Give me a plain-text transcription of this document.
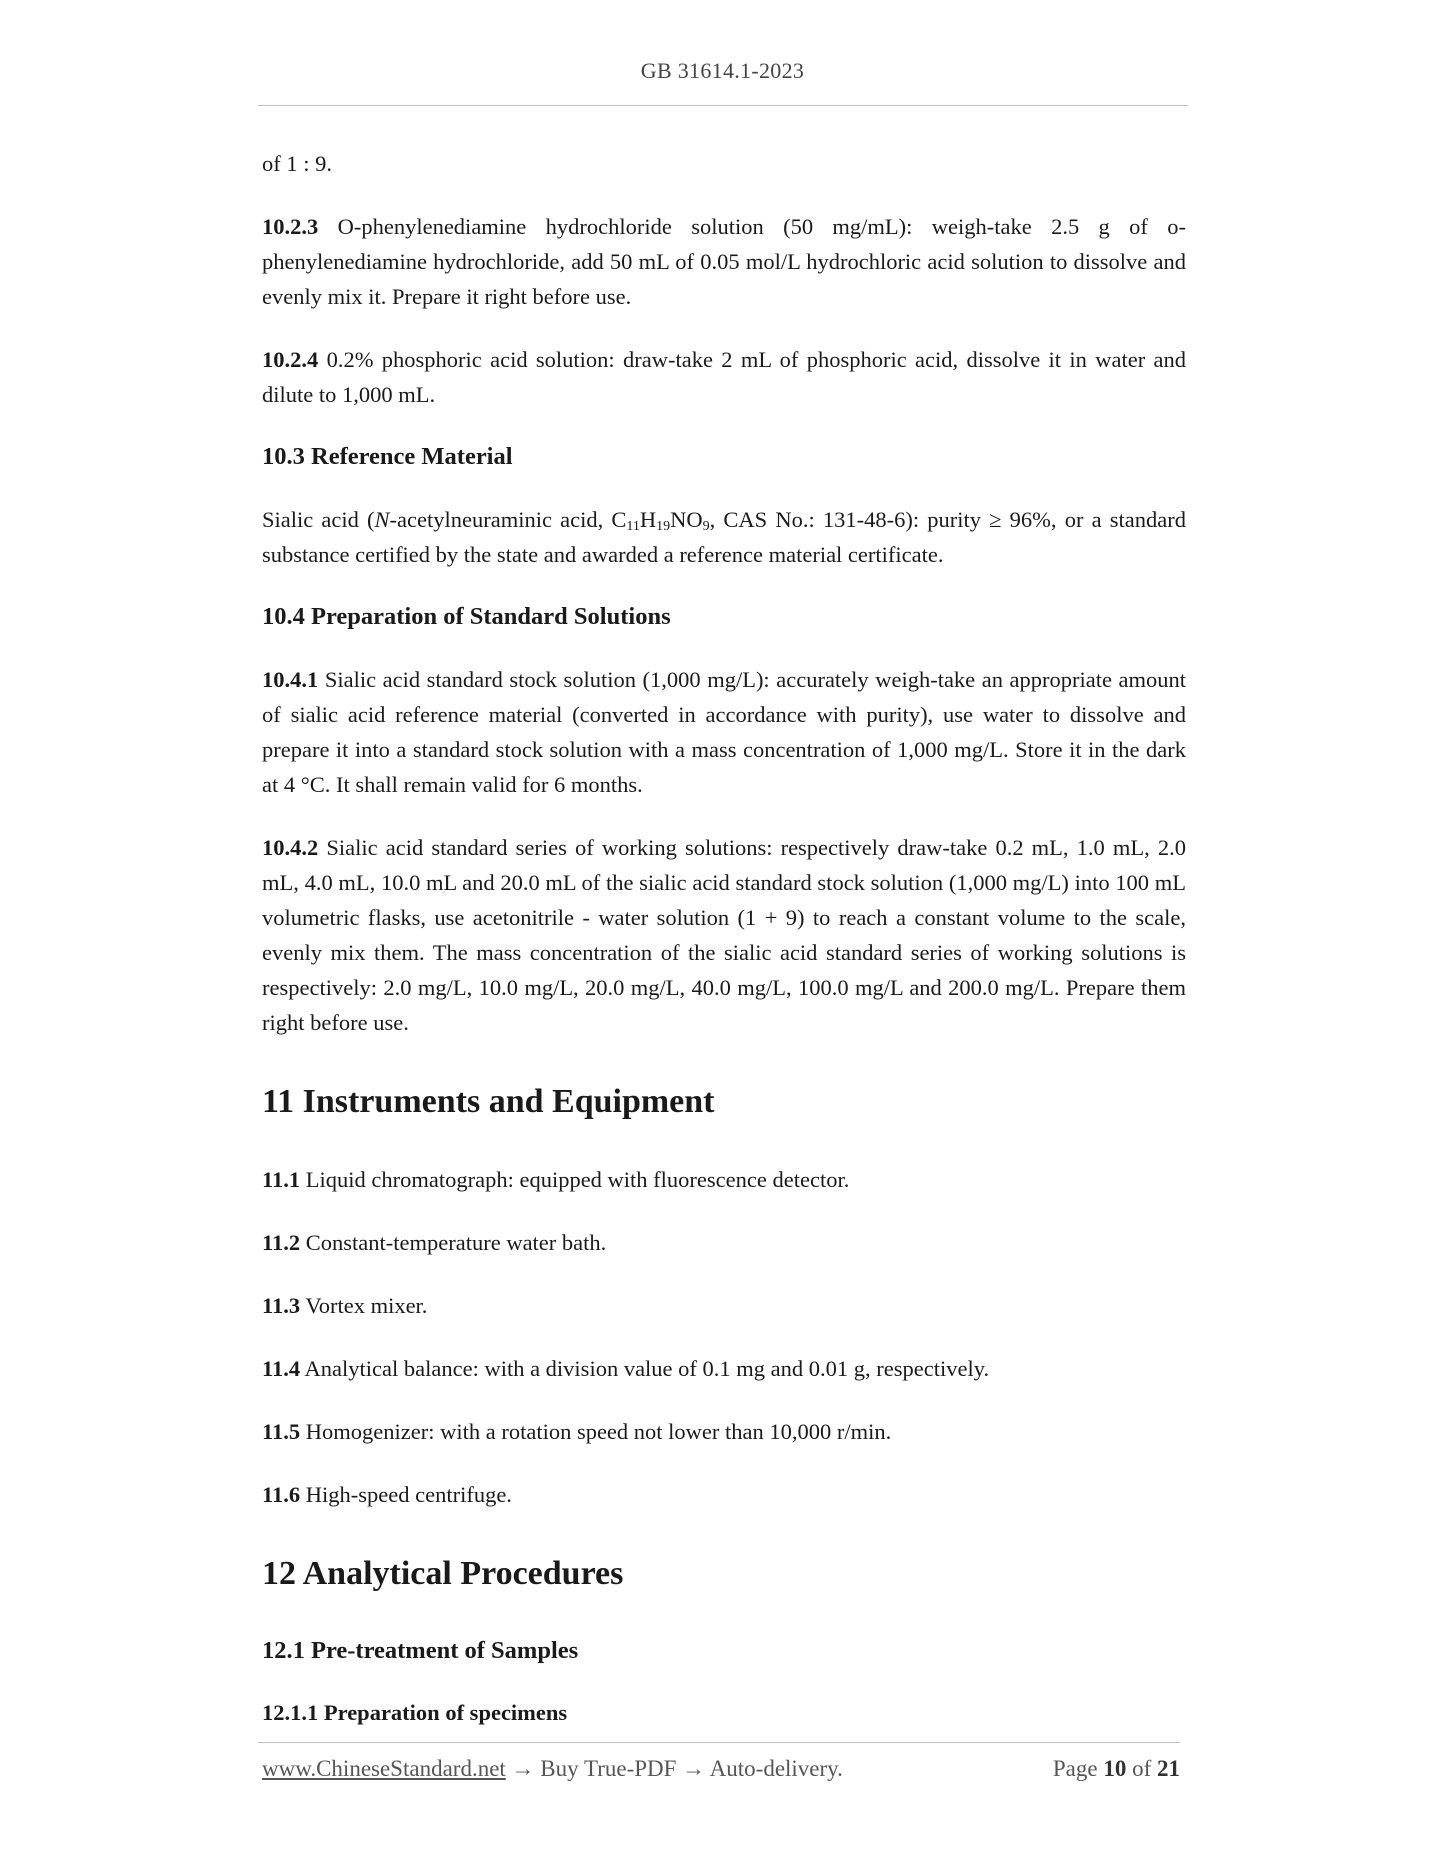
GB 31614.1-2023

of 1 : 9.

10.2.3 O-phenylenediamine hydrochloride solution (50 mg/mL): weigh-take 2.5 g of o-phenylenediamine hydrochloride, add 50 mL of 0.05 mol/L hydrochloric acid solution to dissolve and evenly mix it. Prepare it right before use.

10.2.4 0.2% phosphoric acid solution: draw-take 2 mL of phosphoric acid, dissolve it in water and dilute to 1,000 mL.

10.3 Reference Material

Sialic acid (N-acetylneuraminic acid, $C_{11}H_{19}NO_9$, CAS No.: 131-48-6): purity ≥ 96%, or a standard substance certified by the state and awarded a reference material certificate.

10.4 Preparation of Standard Solutions

10.4.1 Sialic acid standard stock solution (1,000 mg/L): accurately weigh-take an appropriate amount of sialic acid reference material (converted in accordance with purity), use water to dissolve and prepare it into a standard stock solution with a mass concentration of 1,000 mg/L. Store it in the dark at 4 °C. It shall remain valid for 6 months.

10.4.2 Sialic acid standard series of working solutions: respectively draw-take 0.2 mL, 1.0 mL, 2.0 mL, 4.0 mL, 10.0 mL and 20.0 mL of the sialic acid standard stock solution (1,000 mg/L) into 100 mL volumetric flasks, use acetonitrile - water solution (1 + 9) to reach a constant volume to the scale, evenly mix them. The mass concentration of the sialic acid standard series of working solutions is respectively: 2.0 mg/L, 10.0 mg/L, 20.0 mg/L, 40.0 mg/L, 100.0 mg/L and 200.0 mg/L. Prepare them right before use.

11 Instruments and Equipment

11.1 Liquid chromatograph: equipped with fluorescence detector.

11.2 Constant-temperature water bath.

11.3 Vortex mixer.

11.4 Analytical balance: with a division value of 0.1 mg and 0.01 g, respectively.

11.5 Homogenizer: with a rotation speed not lower than 10,000 r/min.

11.6 High-speed centrifuge.

12 Analytical Procedures
12.1 Pre-treatment of Samples
12.1.1 Preparation of specimens
www.ChineseStandard.net → Buy True-PDF → Auto-delivery.	Page 10 of 21
